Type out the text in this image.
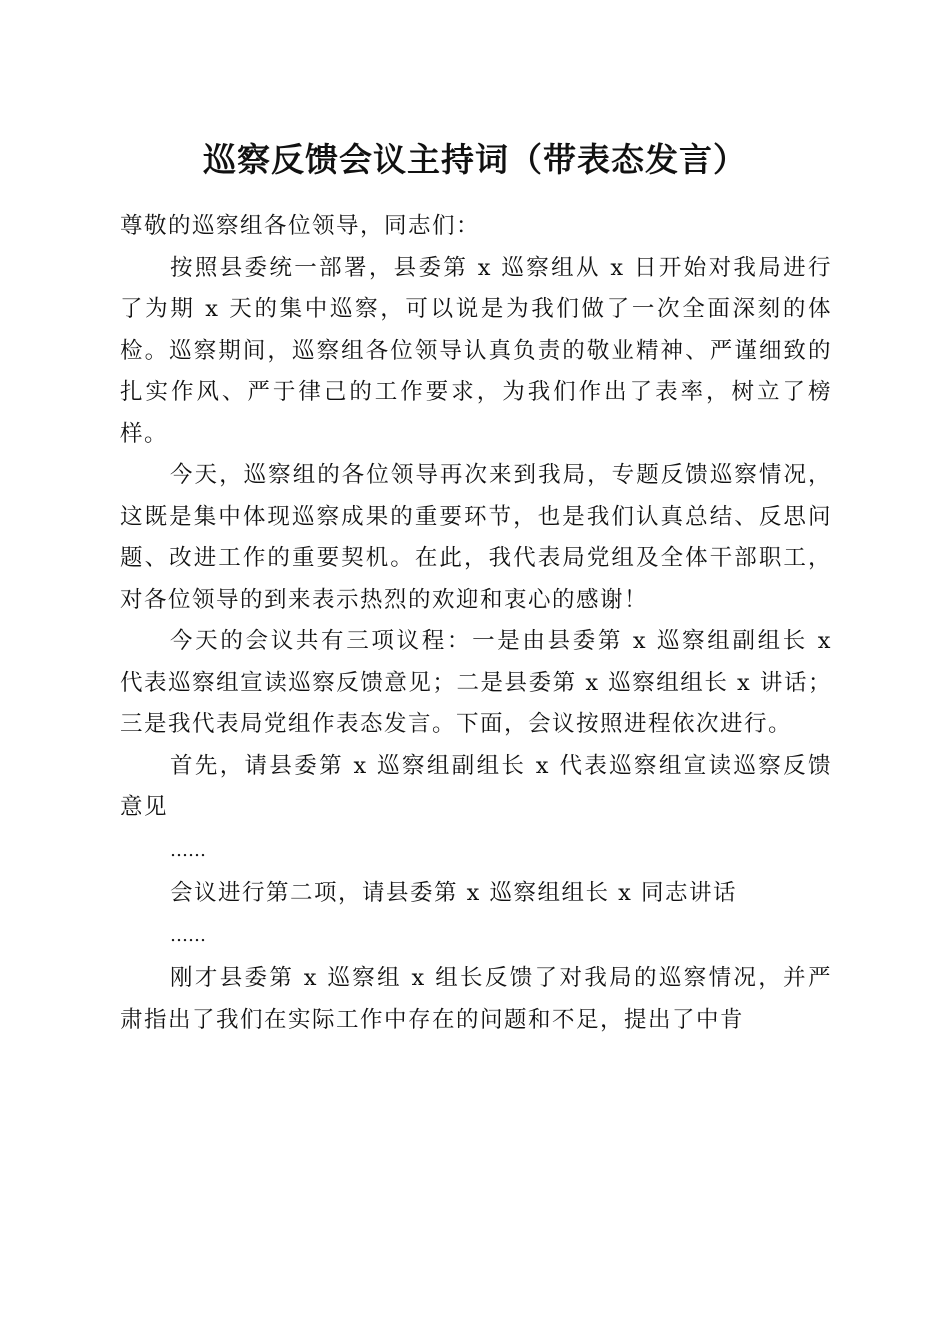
巡察反馈会议主持词（带表态发言）

尊敬的巡察组各位领导，同志们：

按照县委统一部署，县委第 x 巡察组从 x 日开始对我局进行了为期 x 天的集中巡察，可以说是为我们做了一次全面深刻的体检。巡察期间，巡察组各位领导认真负责的敬业精神、严谨细致的扎实作风、严于律己的工作要求，为我们作出了表率，树立了榜样。

今天，巡察组的各位领导再次来到我局，专题反馈巡察情况，这既是集中体现巡察成果的重要环节，也是我们认真总结、反思问题、改进工作的重要契机。在此，我代表局党组及全体干部职工，对各位领导的到来表示热烈的欢迎和衷心的感谢！

今天的会议共有三项议程：一是由县委第 x 巡察组副组长 x 代表巡察组宣读巡察反馈意见；二是县委第 x 巡察组组长 x 讲话；三是我代表局党组作表态发言。下面，会议按照进程依次进行。

首先，请县委第 x 巡察组副组长 x 代表巡察组宣读巡察反馈意见

……

会议进行第二项，请县委第 x 巡察组组长 x 同志讲话

……

刚才县委第 x 巡察组 x 组长反馈了对我局的巡察情况，并严肃指出了我们在实际工作中存在的问题和不足，提出了中肯
